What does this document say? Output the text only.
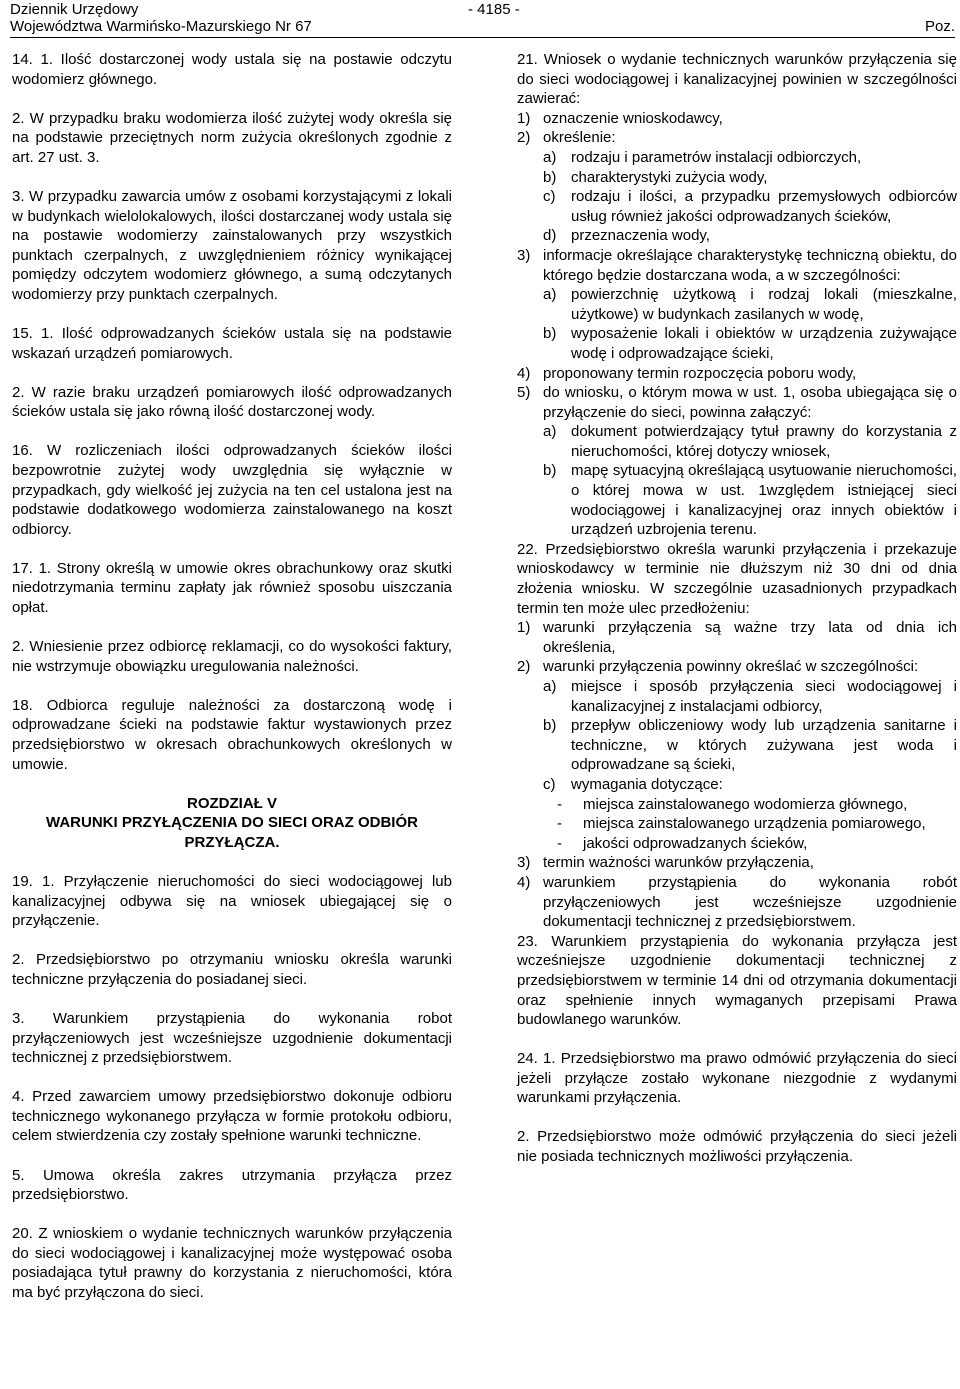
Dziennik Urzędowy
Województwa Warmińsko-Mazurskiego Nr 67
- 4185 -
Poz.

14. 1. Ilość dostarczonej wody ustala się na postawie odczytu wodomierz głównego.

2. W przypadku braku wodomierza ilość zużytej wody określa się na podstawie przeciętnych norm zużycia określonych zgodnie z art. 27 ust. 3.

3. W przypadku zawarcia umów z osobami korzystającymi z lokali w budynkach wielolokalowych, ilości dostarczanej wody ustala się na postawie wodomierzy zainstalowanych przy wszystkich punktach czerpalnych, z uwzględnieniem różnicy wynikającej pomiędzy odczytem wodomierz głównego, a sumą odczytanych wodomierzy przy punktach czerpalnych.

15. 1. Ilość odprowadzanych ścieków ustala się na podstawie wskazań urządzeń pomiarowych.

2. W razie braku urządzeń pomiarowych ilość odprowadzanych ścieków ustala się jako równą ilość dostarczonej wody.

16. W rozliczeniach ilości odprowadzanych ścieków ilości bezpowrotnie zużytej wody uwzględnia się wyłącznie w przypadkach, gdy wielkość jej zużycia na ten cel ustalona jest na podstawie dodatkowego wodomierza zainstalowanego na koszt odbiorcy.

17. 1. Strony określą w umowie okres obrachunkowy oraz skutki niedotrzymania terminu zapłaty jak również sposobu uiszczania opłat.

2. Wniesienie przez odbiorcę reklamacji, co do wysokości faktury, nie wstrzymuje obowiązku uregulowania należności.

18. Odbiorca reguluje należności za dostarczoną wodę i odprowadzane ścieki na podstawie faktur wystawionych przez przedsiębiorstwo w okresach obrachunkowych określonych w umowie.

ROZDZIAŁ V
WARUNKI PRZYŁĄCZENIA DO SIECI ORAZ ODBIÓR
PRZYŁĄCZA.

19. 1. Przyłączenie nieruchomości do sieci wodociągowej lub kanalizacyjnej odbywa się na wniosek ubiegającej się o przyłączenie.

2. Przedsiębiorstwo po otrzymaniu wniosku określa warunki techniczne przyłączenia do posiadanej sieci.

3. Warunkiem przystąpienia do wykonania robot przyłączeniowych jest wcześniejsze uzgodnienie dokumentacji technicznej z przedsiębiorstwem.

4. Przed zawarciem umowy przedsiębiorstwo dokonuje odbioru technicznego wykonanego przyłącza w formie protokołu odbioru, celem stwierdzenia czy zostały spełnione warunki techniczne.

5. Umowa określa zakres utrzymania przyłącza przez przedsiębiorstwo.

20. Z wnioskiem o wydanie technicznych warunków przyłączenia do sieci wodociągowej i kanalizacyjnej może występować osoba posiadająca tytuł prawny do korzystania z nieruchomości, która ma być przyłączona do sieci.

21. Wniosek o wydanie technicznych warunków przyłączenia się do sieci wodociągowej i kanalizacyjnej powinien w szczególności zawierać:

1) oznaczenie wnioskodawcy,
2) określenie:
a) rodzaju i parametrów instalacji odbiorczych,
b) charakterystyki zużycia wody,
c) rodzaju i ilości, a przypadku przemysłowych odbiorców usług również jakości odprowadzanych ścieków,
d) przeznaczenia wody,
3) informacje określające charakterystykę techniczną obiektu, do którego będzie dostarczana woda, a w szczególności:
a) powierzchnię użytkową i rodzaj lokali (mieszkalne, użytkowe) w budynkach zasilanych w wodę,
b) wyposażenie lokali i obiektów w urządzenia zużywające wodę i odprowadzające ścieki,
4) proponowany termin rozpoczęcia poboru wody,
5) do wniosku, o którym mowa w ust. 1, osoba ubiegająca się o przyłączenie do sieci, powinna załączyć:
a) dokument potwierdzający tytuł prawny do korzystania z nieruchomości, której dotyczy wniosek,
b) mapę sytuacyjną określającą usytuowanie nieruchomości, o której mowa w ust. 1względem istniejącej sieci wodociągowej i kanalizacyjnej oraz innych obiektów i urządzeń uzbrojenia terenu.

22. Przedsiębiorstwo określa warunki przyłączenia i przekazuje wnioskodawcy w terminie nie dłuższym niż 30 dni od dnia złożenia wniosku. W szczególnie uzasadnionych przypadkach termin ten może ulec przedłożeniu:

1) warunki przyłączenia są ważne trzy lata od dnia ich określenia,
2) warunki przyłączenia powinny określać w szczególności:
a) miejsce i sposób przyłączenia sieci wodociągowej i kanalizacyjnej z instalacjami odbiorcy,
b) przepływ obliczeniowy wody lub urządzenia sanitarne i techniczne, w których zużywana jest woda i odprowadzane są ścieki,
c) wymagania dotyczące:
- miejsca zainstalowanego wodomierza głównego,
- miejsca zainstalowanego urządzenia pomiarowego,
- jakości odprowadzanych ścieków,
3) termin ważności warunków przyłączenia,
4) warunkiem przystąpienia do wykonania robót przyłączeniowych jest wcześniejsze uzgodnienie dokumentacji technicznej z przedsiębiorstwem.

23. Warunkiem przystąpienia do wykonania przyłącza jest wcześniejsze uzgodnienie dokumentacji technicznej z przedsiębiorstwem w terminie 14 dni od otrzymania dokumentacji oraz spełnienie innych wymaganych przepisami Prawa budowlanego warunków.

24. 1. Przedsiębiorstwo ma prawo odmówić przyłączenia do sieci jeżeli przyłącze zostało wykonane niezgodnie z wydanymi warunkami przyłączenia.

2. Przedsiębiorstwo może odmówić przyłączenia do sieci jeżeli nie posiada technicznych możliwości przyłączenia.
